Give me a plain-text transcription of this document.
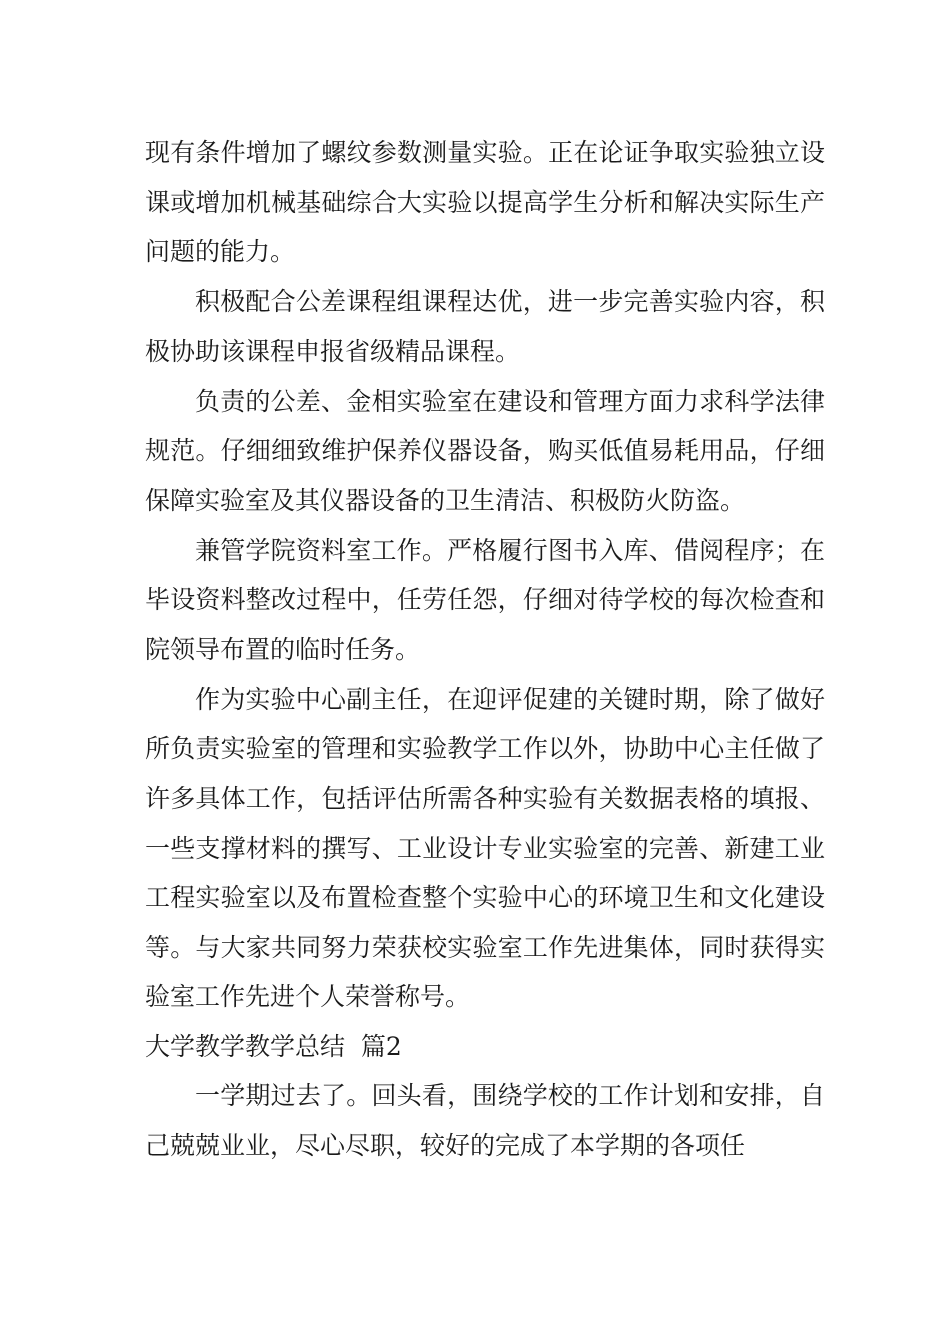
现有条件增加了螺纹参数测量实验。正在论证争取实验独立设课或增加机械基础综合大实验以提高学生分析和解决实际生产问题的能力。

积极配合公差课程组课程达优，进一步完善实验内容，积极协助该课程申报省级精品课程。

负责的公差、金相实验室在建设和管理方面力求科学法律规范。仔细细致维护保养仪器设备，购买低值易耗用品，仔细保障实验室及其仪器设备的卫生清洁、积极防火防盗。

兼管学院资料室工作。严格履行图书入库、借阅程序；在毕设资料整改过程中，任劳任怨，仔细对待学校的每次检查和院领导布置的临时任务。

作为实验中心副主任，在迎评促建的关键时期，除了做好所负责实验室的管理和实验教学工作以外，协助中心主任做了许多具体工作，包括评估所需各种实验有关数据表格的填报、一些支撑材料的撰写、工业设计专业实验室的完善、新建工业工程实验室以及布置检查整个实验中心的环境卫生和文化建设等。与大家共同努力荣获校实验室工作先进集体，同时获得实验室工作先进个人荣誉称号。

大学教学教学总结  篇2

一学期过去了。回头看，围绕学校的工作计划和安排，自己兢兢业业，尽心尽职，较好的完成了本学期的各项任
